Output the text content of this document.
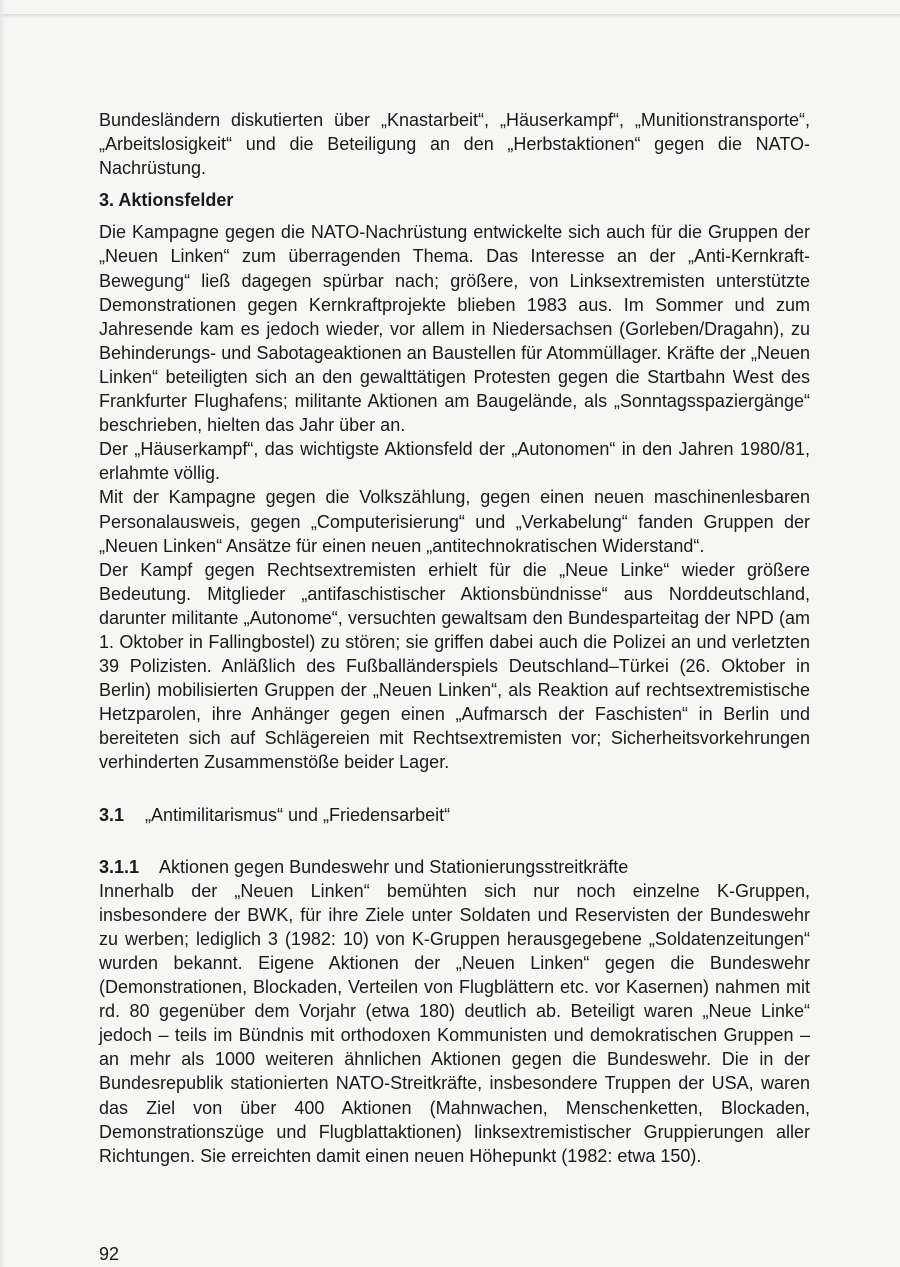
Bundesländern diskutierten über „Knastarbeit“, „Häuserkampf“, „Munitionstransporte“, „Arbeitslosigkeit“ und die Beteiligung an den „Herbstaktionen“ gegen die NATO-Nachrüstung.

3. Aktionsfelder

Die Kampagne gegen die NATO-Nachrüstung entwickelte sich auch für die Gruppen der „Neuen Linken“ zum überragenden Thema. Das Interesse an der „Anti-Kernkraft-Bewegung“ ließ dagegen spürbar nach; größere, von Linksextremisten unterstützte Demonstrationen gegen Kernkraftprojekte blieben 1983 aus. Im Sommer und zum Jahresende kam es jedoch wieder, vor allem in Niedersachsen (Gorleben/Dragahn), zu Behinderungs- und Sabotageaktionen an Baustellen für Atommüllager. Kräfte der „Neuen Linken“ beteiligten sich an den gewalttätigen Protesten gegen die Startbahn West des Frankfurter Flughafens; militante Aktionen am Baugelände, als „Sonntagsspaziergänge“ beschrieben, hielten das Jahr über an.

Der „Häuserkampf“, das wichtigste Aktionsfeld der „Autonomen“ in den Jahren 1980/81, erlahmte völlig.

Mit der Kampagne gegen die Volkszählung, gegen einen neuen maschinenlesbaren Personalausweis, gegen „Computerisierung“ und „Verkabelung“ fanden Gruppen der „Neuen Linken“ Ansätze für einen neuen „antitechnokratischen Widerstand“.

Der Kampf gegen Rechtsextremisten erhielt für die „Neue Linke“ wieder größere Bedeutung. Mitglieder „antifaschistischer Aktionsbündnisse“ aus Norddeutschland, darunter militante „Autonome“, versuchten gewaltsam den Bundesparteitag der NPD (am 1. Oktober in Fallingbostel) zu stören; sie griffen dabei auch die Polizei an und verletzten 39 Polizisten. Anläßlich des Fußballänderspiels Deutschland–Türkei (26. Oktober in Berlin) mobilisierten Gruppen der „Neuen Linken“, als Reaktion auf rechtsextremistische Hetzparolen, ihre Anhänger gegen einen „Aufmarsch der Faschisten“ in Berlin und bereiteten sich auf Schlägereien mit Rechtsextremisten vor; Sicherheitsvorkehrungen verhinderten Zusammenstöße beider Lager.

3.1 „Antimilitarismus“ und „Friedensarbeit“

3.1.1 Aktionen gegen Bundeswehr und Stationierungsstreitkräfte

Innerhalb der „Neuen Linken“ bemühten sich nur noch einzelne K-Gruppen, insbesondere der BWK, für ihre Ziele unter Soldaten und Reservisten der Bundeswehr zu werben; lediglich 3 (1982: 10) von K-Gruppen herausgegebene „Soldatenzeitungen“ wurden bekannt. Eigene Aktionen der „Neuen Linken“ gegen die Bundeswehr (Demonstrationen, Blockaden, Verteilen von Flugblättern etc. vor Kasernen) nahmen mit rd. 80 gegenüber dem Vorjahr (etwa 180) deutlich ab. Beteiligt waren „Neue Linke“ jedoch – teils im Bündnis mit orthodoxen Kommunisten und demokratischen Gruppen – an mehr als 1000 weiteren ähnlichen Aktionen gegen die Bundeswehr. Die in der Bundesrepublik stationierten NATO-Streitkräfte, insbesondere Truppen der USA, waren das Ziel von über 400 Aktionen (Mahnwachen, Menschenketten, Blockaden, Demonstrationszüge und Flugblattaktionen) linksextremistischer Gruppierungen aller Richtungen. Sie erreichten damit einen neuen Höhepunkt (1982: etwa 150).

92
